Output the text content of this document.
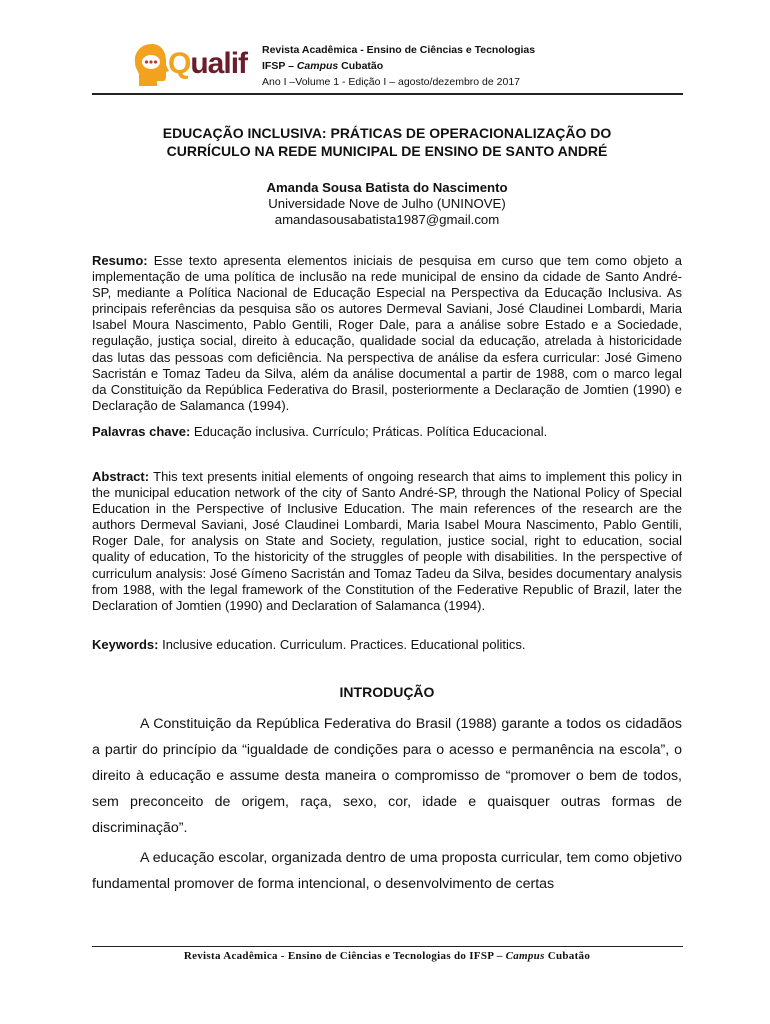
Qualif Revista Acadêmica - Ensino de Ciências e Tecnologias
IFSP – Campus Cubatão
Ano I –Volume 1 - Edição I – agosto/dezembro de 2017
EDUCAÇÃO INCLUSIVA: PRÁTICAS DE OPERACIONALIZAÇÃO DO
CURRÍCULO NA REDE MUNICIPAL DE ENSINO DE SANTO ANDRÉ
Amanda Sousa Batista do Nascimento
Universidade Nove de Julho (UNINOVE)
amandasousabatista1987@gmail.com
Resumo: Esse texto apresenta elementos iniciais de pesquisa em curso que tem como objeto a implementação de uma política de inclusão na rede municipal de ensino da cidade de Santo André- SP, mediante a Política Nacional de Educação Especial na Perspectiva da Educação Inclusiva. As principais referências da pesquisa são os autores Dermeval Saviani, José Claudinei Lombardi, Maria Isabel Moura Nascimento, Pablo Gentili, Roger Dale, para a análise sobre Estado e a Sociedade, regulação, justiça social, direito à educação, qualidade social da educação, atrelada à historicidade das lutas das pessoas com deficiência. Na perspectiva de análise da esfera curricular: José Gimeno Sacristán e Tomaz Tadeu da Silva, além da análise documental a partir de 1988, com o marco legal da Constituição da República Federativa do Brasil, posteriormente a Declaração de Jomtien (1990) e Declaração de Salamanca (1994).
Palavras chave: Educação inclusiva. Currículo; Práticas. Política Educacional.
Abstract: This text presents initial elements of ongoing research that aims to implement this policy in the municipal education network of the city of Santo André-SP, through the National Policy of Special Education in the Perspective of Inclusive Education. The main references of the research are the authors Dermeval Saviani, José Claudinei Lombardi, Maria Isabel Moura Nascimento, Pablo Gentili, Roger Dale, for analysis on State and Society, regulation, justice social, right to education, social quality of education, To the historicity of the struggles of people with disabilities. In the perspective of curriculum analysis: José Gímeno Sacristán and Tomaz Tadeu da Silva, besides documentary analysis from 1988, with the legal framework of the Constitution of the Federative Republic of Brazil, later the Declaration of Jomtien (1990) and Declaration of Salamanca (1994).
Keywords: Inclusive education. Curriculum. Practices. Educational politics.
INTRODUÇÃO
A Constituição da República Federativa do Brasil (1988) garante a todos os cidadãos a partir do princípio da “igualdade de condições para o acesso e permanência na escola”, o direito à educação e assume desta maneira o compromisso de “promover o bem de todos, sem preconceito de origem, raça, sexo, cor, idade e quaisquer outras formas de discriminação”.
A educação escolar, organizada dentro de uma proposta curricular, tem como objetivo fundamental promover de forma intencional, o desenvolvimento de certas
Revista Acadêmica - Ensino de Ciências e Tecnologias do IFSP – Campus Cubatão
